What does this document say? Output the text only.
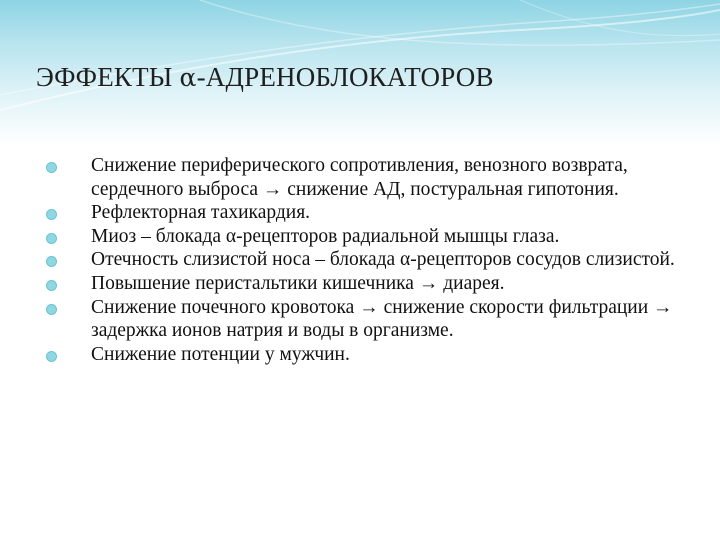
ЭФФЕКТЫ α-АДРЕНОБЛОКАТОРОВ
Снижение периферического сопротивления, венозного возврата, сердечного выброса → снижение АД, постуральная гипотония.
Рефлекторная тахикардия.
Миоз – блокада α-рецепторов радиальной мышцы глаза.
Отечность слизистой носа – блокада α-рецепторов сосудов слизистой.
Повышение перистальтики кишечника → диарея.
Снижение почечного кровотока → снижение скорости фильтрации → задержка ионов натрия и воды в организме.
Снижение потенции у мужчин.
